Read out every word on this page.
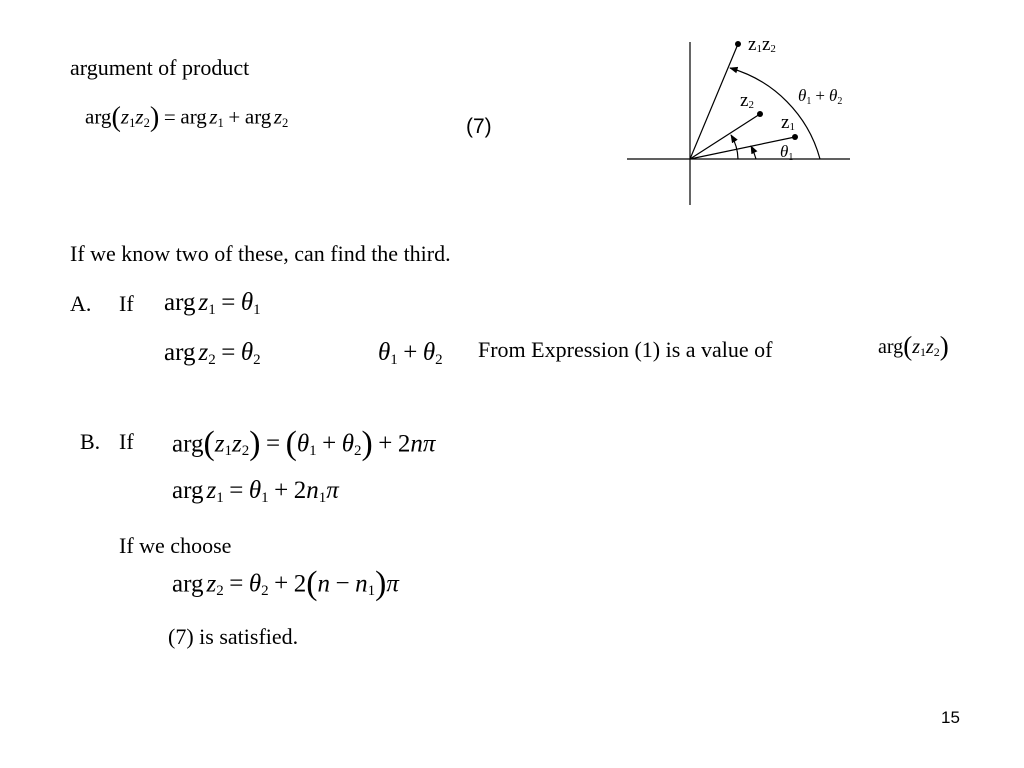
argument of product
$arg(z_1z_2)$ = arg $z_1$ + arg $z_2$	(7)
z1z2
z2
z1
θ1 + θ2
θ1
If we know two of these, can find the third.
A. If arg $z_1 = \theta_1$
arg $z_2 = \theta_2$	$\theta_1 + \theta_2$ From Expression (1) is a value of	$arg(z_1z_2)$
B. If $arg(z_1z_2) = (\theta_1 + \theta_2) + 2n\pi$
arg $z_1 = \theta_1 + 2n_1\pi$
If we choose
arg $z_2 = \theta_2 + 2(n - n_1)\pi$
(7) is satisfied.
15
